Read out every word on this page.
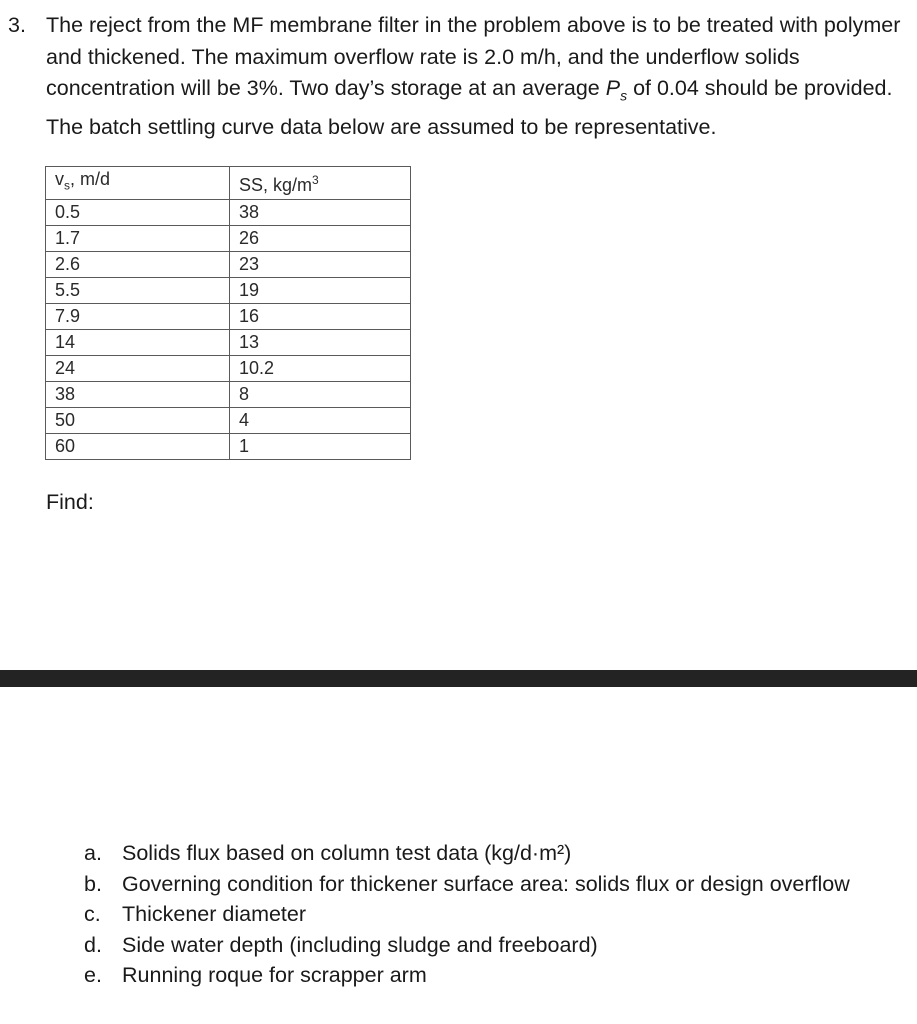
3. The reject from the MF membrane filter in the problem above is to be treated with polymer and thickened. The maximum overflow rate is 2.0 m/h, and the underflow solids concentration will be 3%. Two day’s storage at an average $P_s$ of 0.04 should be provided. The batch settling curve data below are assumed to be representative.
$v_s$, m/d	SS, $kg/m^3$
0.5	38
1.7	26
2.6	23
5.5	19
7.9	16
14	13
24	10.2
38	8
50	4
60	1
Find:
a. Solids flux based on column test data (kg/d·m²)
b. Governing condition for thickener surface area: solids flux or design overflow
c. Thickener diameter
d. Side water depth (including sludge and freeboard)
e. Running roque for scrapper arm
